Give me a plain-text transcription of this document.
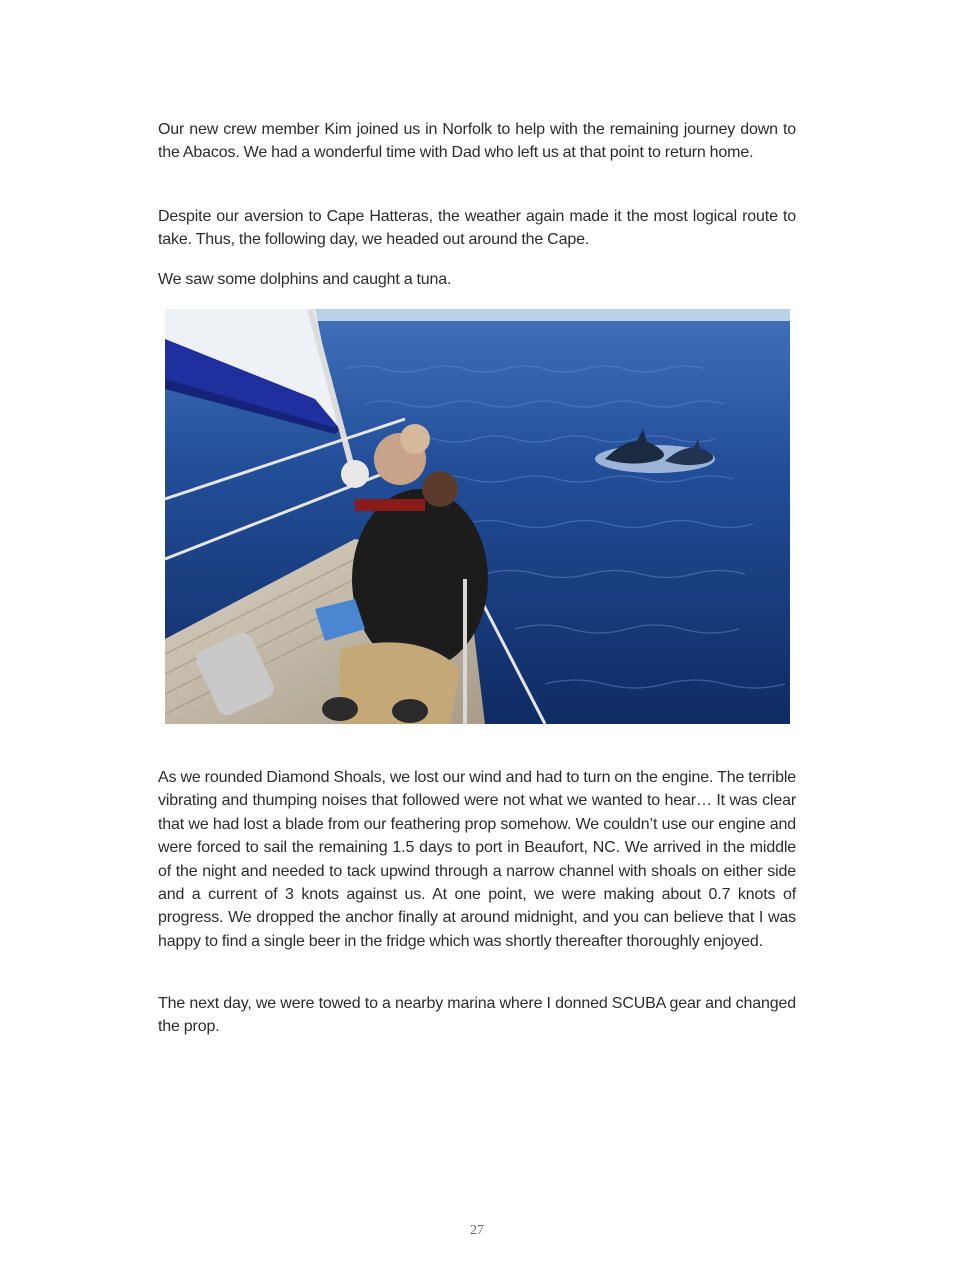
Our new crew member Kim joined us in Norfolk to help with the remaining journey down to the Abacos. We had a wonderful time with Dad who left us at that point to return home.

Despite our aversion to Cape Hatteras, the weather again made it the most logical route to take. Thus, the following day, we headed out around the Cape.

We saw some dolphins and caught a tuna.

As we rounded Diamond Shoals, we lost our wind and had to turn on the engine. The terrible vibrating and thumping noises that followed were not what we wanted to hear… It was clear that we had lost a blade from our feathering prop somehow. We couldn’t use our engine and were forced to sail the remaining 1.5 days to port in Beaufort, NC. We arrived in the middle of the night and needed to tack upwind through a narrow channel with shoals on either side and a current of 3 knots against us. At one point, we were making about 0.7 knots of progress. We dropped the anchor finally at around midnight, and you can believe that I was happy to find a single beer in the fridge which was shortly thereafter thoroughly enjoyed.

The next day, we were towed to a nearby marina where I donned SCUBA gear and changed the prop.

27
